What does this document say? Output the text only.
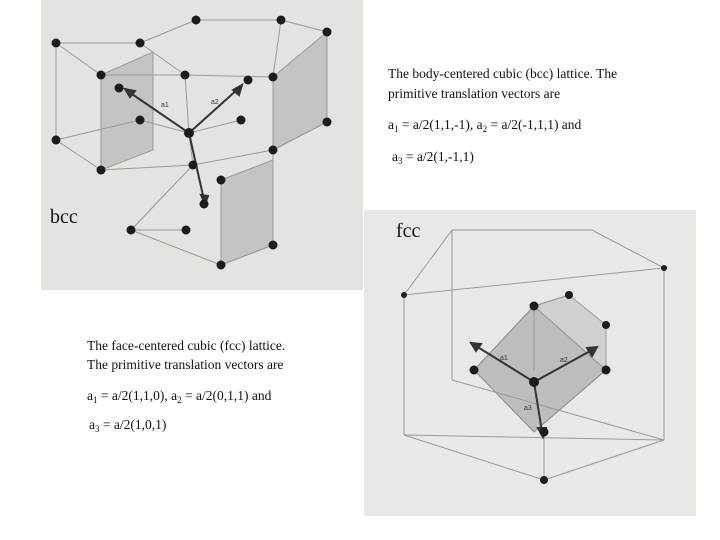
a1	a2
a1	a2
a3
bcc
fcc
The body-centered cubic (bcc) lattice. The
primitive translation vectors are
$a_1 = a/2(1,1,-1)$, $a_2 = a/2(-1,1,1)$ and
$a_3 = a/2(1,-1,1)$
The face-centered cubic (fcc) lattice.
The primitive translation vectors are
$a_1 = a/2(1,1,0)$, $a_2 = a/2(0,1,1)$ and
$a_3 = a/2(1,0,1)$
